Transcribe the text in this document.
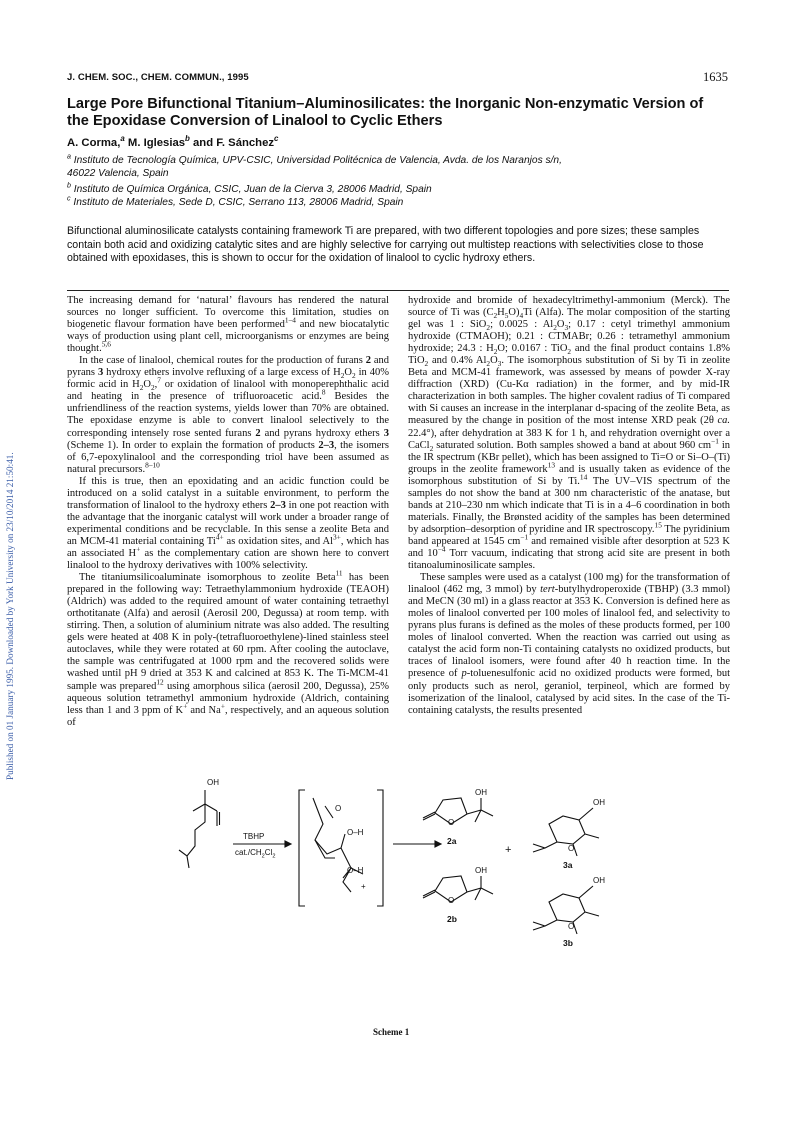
Published on 01 January 1995. Downloaded by York University on 23/10/2014 21:50:41.
J. CHEM. SOC., CHEM. COMMUN., 1995	1635
Large Pore Bifunctional Titanium–Aluminosilicates: the Inorganic Non-enzymatic Version of the Epoxidase Conversion of Linalool to Cyclic Ethers
A. Corma,$^a$ M. Iglesias$^b$ and F. Sánchez$^c$

$^a$ Instituto de Tecnología Química, UPV-CSIC, Universidad Politécnica de Valencia, Avda. de los Naranjos s/n,
46022 Valencia, Spain

$^b$ Instituto de Química Orgánica, CSIC, Juan de la Cierva 3, 28006 Madrid, Spain

$^c$ Instituto de Materiales, Sede D, CSIC, Serrano 113, 28006 Madrid, Spain

Bifunctional aluminosilicate catalysts containing framework Ti are prepared, with two different topologies and pore sizes; these samples contain both acid and oxidizing catalytic sites and are highly selective for carrying out multistep reactions with selectivities close to those obtained with epoxidases, this is shown to occur for the oxidation of linalool to cyclic hydroxy ethers.

The increasing demand for ‘natural’ flavours has rendered the natural sources no longer sufficient. To overcome this limitation, studies on biogenetic flavour formation have been performed$^{1-4}$ and new biocatalytic ways of production using plant cell, microorganisms or enzymes are being thought.$^{5,6}$

In the case of linalool, chemical routes for the production of furans 2 and pyrans 3 hydroxy ethers involve refluxing of a large excess of $H_2O_2$ in 40% formic acid in $H_2O_2,^7$ or oxidation of linalool with monoperephthalic acid and heating in the presence of trifluoroacetic acid.$^8$ Besides the unfriendliness of the reaction systems, yields lower than 70% are obtained. The epoxidase enzyme is able to convert linalool selectively to the corresponding intensely rose sented furans 2 and pyrans hydroxy ethers 3 (Scheme 1). In order to explain the formation of products 2–3, the isomers of 6,7-epoxylinalool and the corresponding triol have been assumed as natural precursors.$^{8-10}$

If this is true, then an epoxidating and an acidic function could be introduced on a solid catalyst in a suitable environment, to perform the transformation of linalool to the hydroxy ethers 2–3 in one pot reaction with the advantage that the inorganic catalyst will work under a broader range of experimental conditions and be recyclable. In this sense a zeolite Beta and an MCM-41 material containing $Ti^{4+}$ as oxidation sites, and $Al^{3+}$, which has an associated H+ as the complementary cation are shown here to convert linalool to the hydroxy derivatives with 100% selectivity.

The titaniumsilicoaluminate isomorphous to zeolite Beta$^{11}$ has been prepared in the following way: Tetraethylammonium hydroxide (TEAOH) (Aldrich) was added to the required amount of water containing tetraethyl orthotitanate (Alfa) and aerosil (Aerosil 200, Degussa) at room temp. with stirring. Then, a solution of aluminium nitrate was also added. The resulting gels were heated at 408 K in poly-(tetrafluoroethylene)-lined stainless steel autoclaves, while they were rotated at 60 rpm. After cooling the autoclave, the sample was centrifugated at 1000 rpm and the recovered solids were washed until pH 9 dried at 353 K and calcined at 853 K. The Ti-MCM-41 sample was prepared$^{12}$ using amorphous silica (aerosil 200, Degussa), 25% aqueous solution tetramethyl ammonium hydroxide (Aldrich, containing less than 1 and 3 ppm of K+ and Na+, respectively, and an aqueous solution of

hydroxide and bromide of hexadecyltrimethyl-ammonium (Merck). The source of Ti was $(C_2H_5O)_4Ti$ (Alfa). The molar composition of the starting gel was 1 : SiO$_2$; 0.0025 : $Al_2O_3$; 0.17 : cetyl trimethyl ammonium hydroxide (CTMAOH); 0.21 : CTMABr; 0.26 : tetramethyl ammonium hydroxide; 24.3 : $H_2O$; 0.0167 : TiO$_2$ and the final product contains 1.8% TiO$_2$ and 0.4% $Al_2O_3$. The isomorphous substitution of Si by Ti in zeolite Beta and MCM-41 framework, was assessed by means of powder X-ray diffraction (XRD) (Cu-Kα radiation) in the former, and by mid-IR characterization in both samples. The higher covalent radius of Ti compared with Si causes an increase in the interplanar d-spacing of the zeolite Beta, as measured by the change in position of the most intense XRD peak (2θ ca. 22.4°), after dehydration at 383 K for 1 h, and rehydration overnight over a CaCl$_2$ saturated solution. Both samples showed a band at about 960 $cm^{-1}$ in the IR spectrum (KBr pellet), which has been assigned to Ti=O or Si–O–(Ti) groups in the zeolite framework$^{13}$ and is usually taken as evidence of the isomorphous substitution of Si by Ti.$^{14}$ The UV–VIS spectrum of the samples do not show the band at 300 nm characteristic of the anatase, but bands at 210–230 nm which indicate that Ti is in a 4–6 coordination in both materials. Finally, the Brønsted acidity of the samples has been determined by adsorption–desorption of pyridine and IR spectroscopy.$^{15}$ The pyridinium band appeared at 1545 $cm^{-1}$ and remained visible after desorption at 523 K and $10^{-4}$ Torr vacuum, indicating that strong acid site are present in both titanoaluminosilicate samples.

These samples were used as a catalyst (100 mg) for the transformation of linalool (462 mg, 3 mmol) by tert-butylhydroperoxide (TBHP) (3.3 mmol) and MeCN (30 ml) in a glass reactor at 353 K. Conversion is defined here as moles of linalool converted per 100 moles of linalool fed, and selectivity to pyrans plus furans is defined as the moles of these products formed, per 100 moles of linalool converted. When the reaction was carried out using as catalyst the acid form non-Ti containing catalysts no oxidized products, but traces of linalool isomers, were found after 40 h reaction time. In the presence of p-toluenesulfonic acid no oxidized products were formed, but only products such as nerol, geraniol, terpineol, which are formed by isomerization of the linalool, catalysed by acid sites. In the case of the Ti-containing catalysts, the results presented

OH
TBHP
$cat./CH_2Cl_2$
O
O–H
O–H
+
OH
O
2a
OH
O
2b
+
OH
O
3a
OH
O
3b
Scheme 1
